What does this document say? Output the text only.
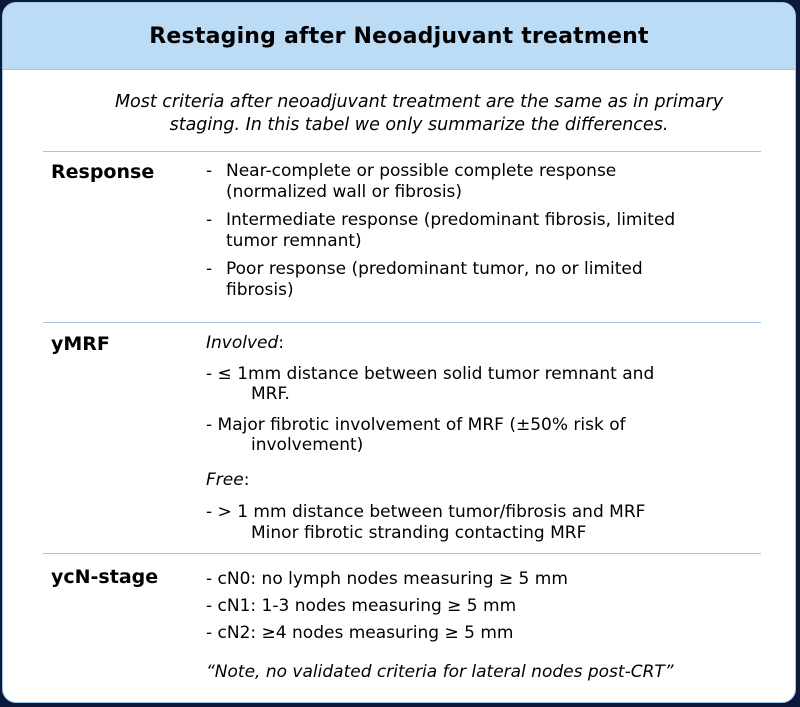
Restaging after Neoadjuvant treatment
Most criteria after neoadjuvant treatment are the same as in primary
staging. In this tabel we only summarize the differences.
Response	- Near-complete or possible complete response
(normalized wall or fibrosis)
- Intermediate response (predominant fibrosis, limited
tumor remnant)
- Poor response (predominant tumor, no or limited
fibrosis)
yMRF	Involved:
- ≤ 1mm distance between solid tumor remnant and
MRF.
- Major fibrotic involvement of MRF (±50% risk of
involvement)
Free:
- > 1 mm distance between tumor/fibrosis and MRF
Minor fibrotic stranding contacting MRF
ycN-stage	- cN0: no lymph nodes measuring ≥ 5 mm
- cN1: 1-3 nodes measuring ≥ 5 mm
- cN2: ≥4 nodes measuring ≥ 5 mm
“Note, no validated criteria for lateral nodes post-CRT”
